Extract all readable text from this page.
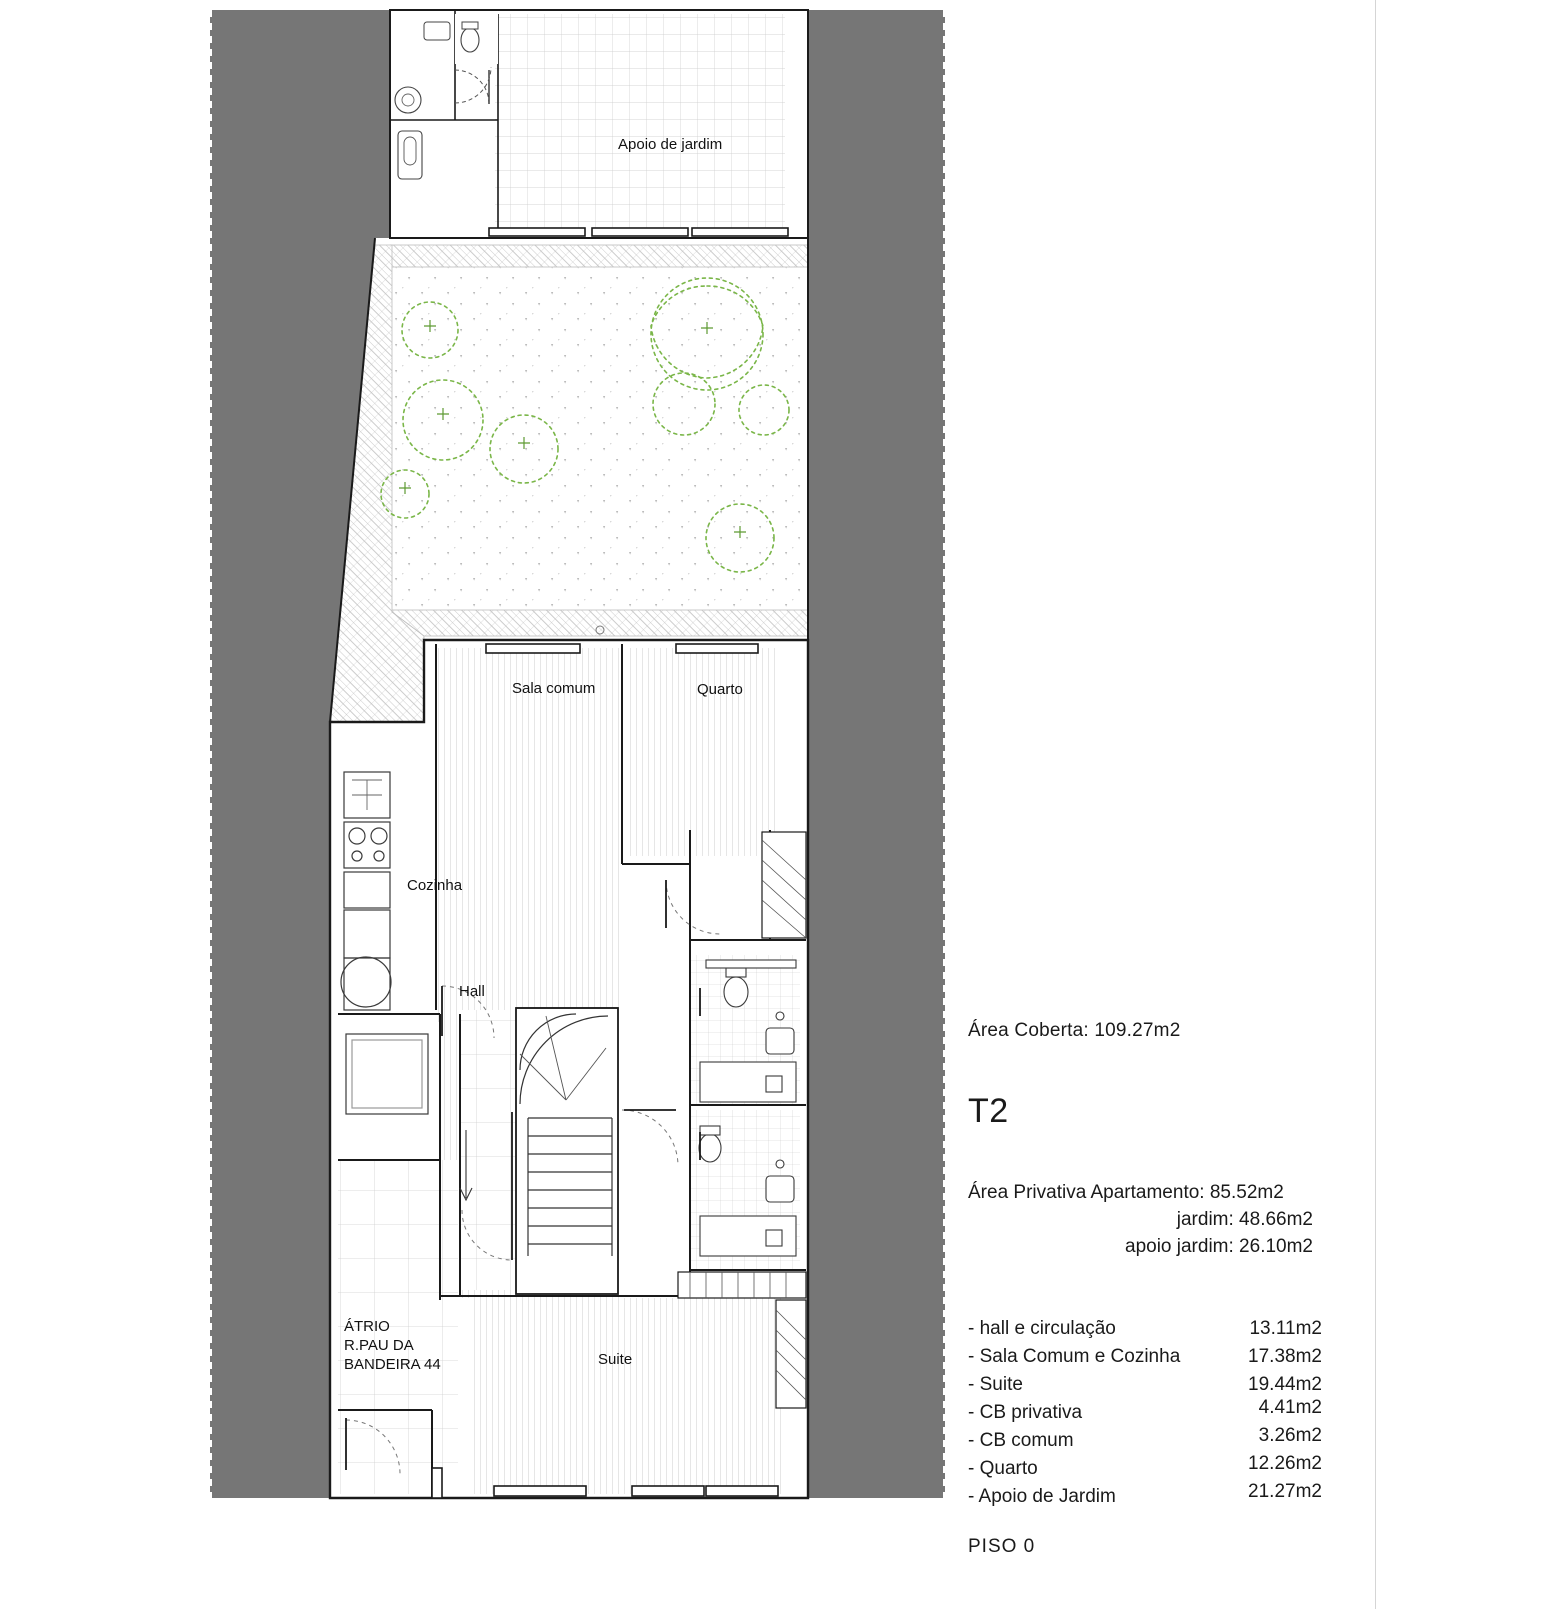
Apoio de jardim
Sala comum	Quarto
Cozinha
Hall
Suite
ÁTRIO
R.PAU DA
BANDEIRA 44
Área Coberta: 109.27m2
T2
Área Privativa Apartamento: 85.52m2
jardim: 48.66m2
apoio jardim: 26.10m2
- hall e circulação	13.11m2
- Sala Comum e Cozinha	17.38m2
- Suite	19.44m2
- CB privativa	4.41m2
- CB comum	3.26m2
- Quarto	12.26m2
- Apoio de Jardim	21.27m2
PISO 0
